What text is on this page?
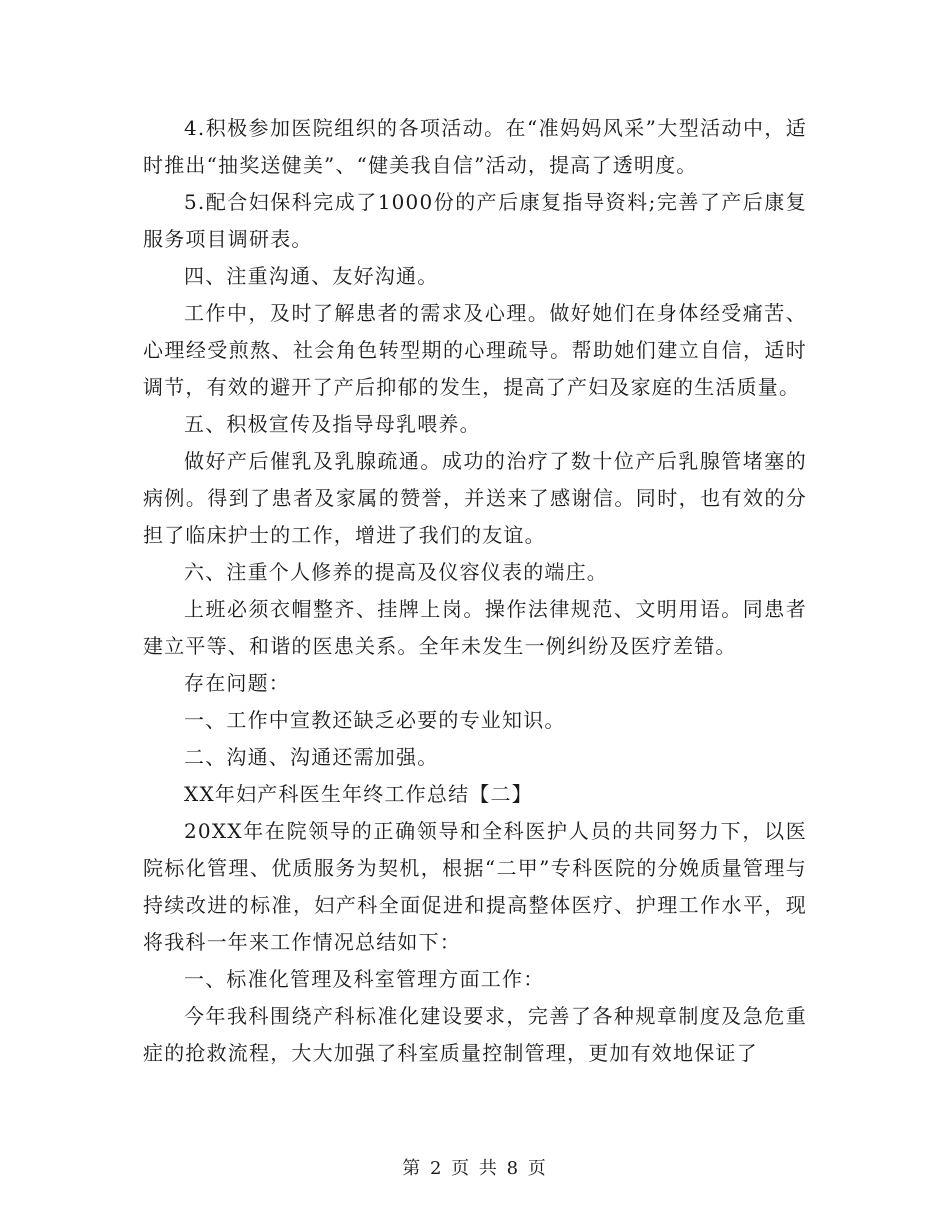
4.积极参加医院组织的各项活动。在“准妈妈风采”大型活动中，适时推出“抽奖送健美”、“健美我自信”活动，提高了透明度。

5.配合妇保科完成了1000份的产后康复指导资料;完善了产后康复服务项目调研表。

四、注重沟通、友好沟通。

工作中，及时了解患者的需求及心理。做好她们在身体经受痛苦、心理经受煎熬、社会角色转型期的心理疏导。帮助她们建立自信，适时调节，有效的避开了产后抑郁的发生，提高了产妇及家庭的生活质量。

五、积极宣传及指导母乳喂养。

做好产后催乳及乳腺疏通。成功的治疗了数十位产后乳腺管堵塞的病例。得到了患者及家属的赞誉，并送来了感谢信。同时，也有效的分担了临床护士的工作，增进了我们的友谊。

六、注重个人修养的提高及仪容仪表的端庄。

上班必须衣帽整齐、挂牌上岗。操作法律规范、文明用语。同患者建立平等、和谐的医患关系。全年未发生一例纠纷及医疗差错。

存在问题：

一、工作中宣教还缺乏必要的专业知识。

二、沟通、沟通还需加强。

XX年妇产科医生年终工作总结【二】

20XX年在院领导的正确领导和全科医护人员的共同努力下，以医院标化管理、优质服务为契机，根据“二甲”专科医院的分娩质量管理与持续改进的标准，妇产科全面促进和提高整体医疗、护理工作水平，现将我科一年来工作情况总结如下：

一、标准化管理及科室管理方面工作：

今年我科围绕产科标准化建设要求，完善了各种规章制度及急危重症的抢救流程，大大加强了科室质量控制管理，更加有效地保证了

第 2 页 共 8 页
